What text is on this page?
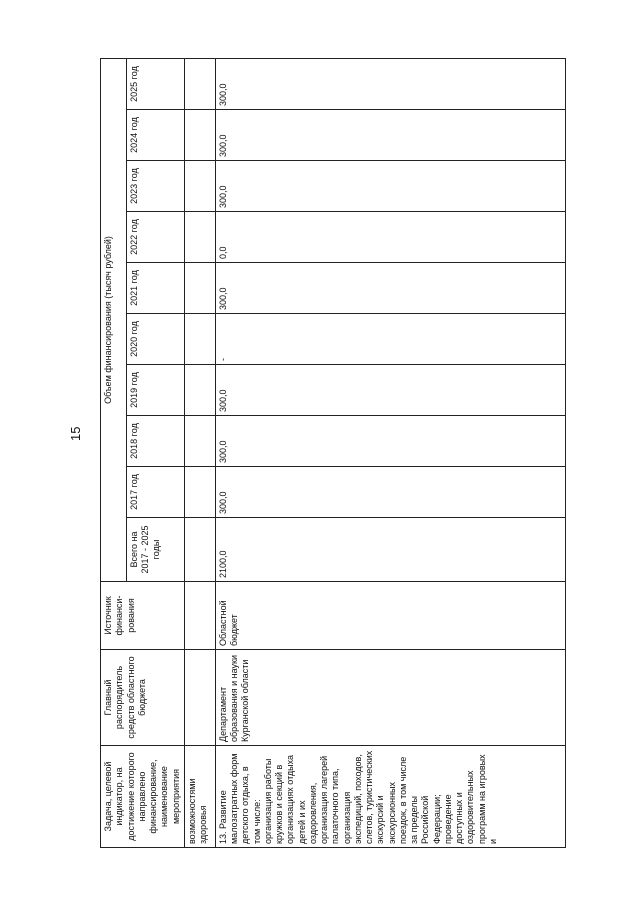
15
Задача, целевой индикатор, на достижение которого направлено финансирование, наименование мероприятия	Главный распорядитель средств областного бюджета	Источник финанси-рования	Объем финансирования (тысяч рублей)									
			Всего на 2017 - 2025 годы	2017 год	2018 год	2019 год	2020 год	2021 год	2022 год	2023 год	2024 год	2025 год
возможностями здоровья												
13. Развитие малозатратных форм детского отдыха, в том числе: организация работы кружков и секций в организациях отдыха детей и их оздоровления, организация лагерей палаточного типа, организация экспедиций, походов, слетов, туристических экскурсий и экскурсионных поездок, в том числе за пределы Российской Федерации; проведение доступных и оздоровительных программ на игровых и	Департамент образования и науки Курганской области	Областной бюджет	2100,0	300,0	300,0	300,0	-	300,0	0,0	300,0	300,0	300,0
